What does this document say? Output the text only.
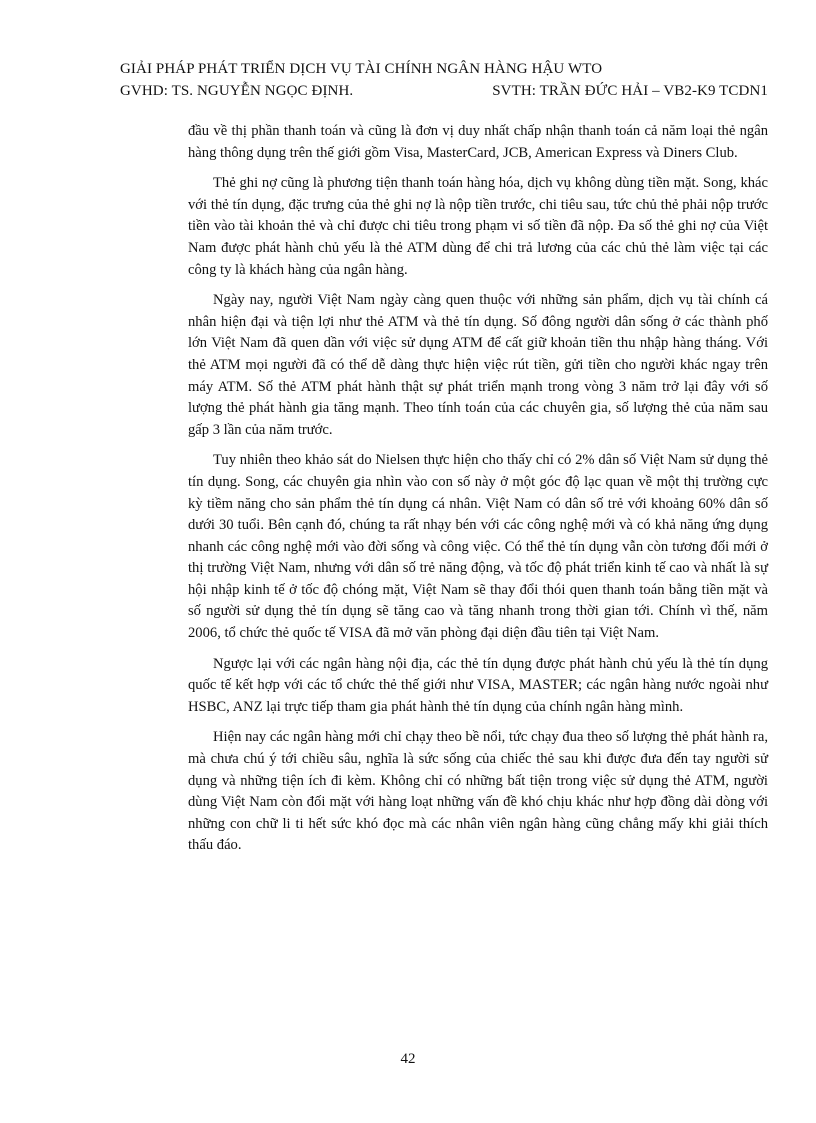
GIẢI PHÁP PHÁT TRIỂN DỊCH VỤ TÀI CHÍNH NGÂN HÀNG HẬU WTO
GVHD: TS. NGUYỄN NGỌC ĐỊNH.	SVTH: TRẦN ĐỨC HẢI – VB2-K9 TCDN1

đầu về thị phần thanh toán và cũng là đơn vị duy nhất chấp nhận thanh toán cả năm loại thẻ ngân hàng thông dụng trên thế giới gồm Visa, MasterCard, JCB, American Express và Diners Club.

Thẻ ghi nợ cũng là phương tiện thanh toán hàng hóa, dịch vụ không dùng tiền mặt. Song, khác với thẻ tín dụng, đặc trưng của thẻ ghi nợ là nộp tiền trước, chi tiêu sau, tức chủ thẻ phải nộp trước tiền vào tài khoản thẻ và chỉ được chi tiêu trong phạm vi số tiền đã nộp. Đa số thẻ ghi nợ của Việt Nam được phát hành chủ yếu là thẻ ATM dùng để chi trả lương của các chủ thẻ làm việc tại các công ty là khách hàng của ngân hàng.

Ngày nay, người Việt Nam ngày càng quen thuộc với những sản phẩm, dịch vụ tài chính cá nhân hiện đại và tiện lợi như thẻ ATM và thẻ tín dụng. Số đông người dân sống ở các thành phố lớn Việt Nam đã quen dần với việc sử dụng ATM để cất giữ khoản tiền thu nhập hàng tháng. Với thẻ ATM mọi người đã có thể dễ dàng thực hiện việc rút tiền, gửi tiền cho người khác ngay trên máy ATM. Số thẻ ATM phát hành thật sự phát triển mạnh trong vòng 3 năm trở lại đây với số lượng thẻ phát hành gia tăng mạnh. Theo tính toán của các chuyên gia, số lượng thẻ của năm sau gấp 3 lần của năm trước.

Tuy nhiên theo khảo sát do Nielsen thực hiện cho thấy chỉ có 2% dân số Việt Nam sử dụng thẻ tín dụng. Song, các chuyên gia nhìn vào con số này ở một góc độ lạc quan về một thị trường cực kỳ tiềm năng cho sản phẩm thẻ tín dụng cá nhân. Việt Nam có dân số trẻ với khoảng 60% dân số dưới 30 tuổi. Bên cạnh đó, chúng ta rất nhạy bén với các công nghệ mới và có khả năng ứng dụng nhanh các công nghệ mới vào đời sống và công việc. Có thể thẻ tín dụng vẫn còn tương đối mới ở thị trường Việt Nam, nhưng với dân số trẻ năng động, và tốc độ phát triển kinh tế cao và nhất là sự hội nhập kinh tế ở tốc độ chóng mặt, Việt Nam sẽ thay đổi thói quen thanh toán bằng tiền mặt và số người sử dụng thẻ tín dụng sẽ tăng cao và tăng nhanh trong thời gian tới. Chính vì thế, năm 2006, tổ chức thẻ quốc tế VISA đã mở văn phòng đại diện đầu tiên tại Việt Nam.

Ngược lại với các ngân hàng nội địa, các thẻ tín dụng được phát hành chủ yếu là thẻ tín dụng quốc tế kết hợp với các tổ chức thẻ thế giới như VISA, MASTER; các ngân hàng nước ngoài như HSBC, ANZ lại trực tiếp tham gia phát hành thẻ tín dụng của chính ngân hàng mình.

Hiện nay các ngân hàng mới chỉ chạy theo bề nổi, tức chạy đua theo số lượng thẻ phát hành ra, mà chưa chú ý tới chiều sâu, nghĩa là sức sống của chiếc thẻ sau khi được đưa đến tay người sử dụng và những tiện ích đi kèm. Không chỉ có những bất tiện trong việc sử dụng thẻ ATM, người dùng Việt Nam còn đối mặt với hàng loạt những vấn đề khó chịu khác như hợp đồng dài dòng với những con chữ li ti hết sức khó đọc mà các nhân viên ngân hàng cũng chẳng mấy khi giải thích thấu đáo.

42
